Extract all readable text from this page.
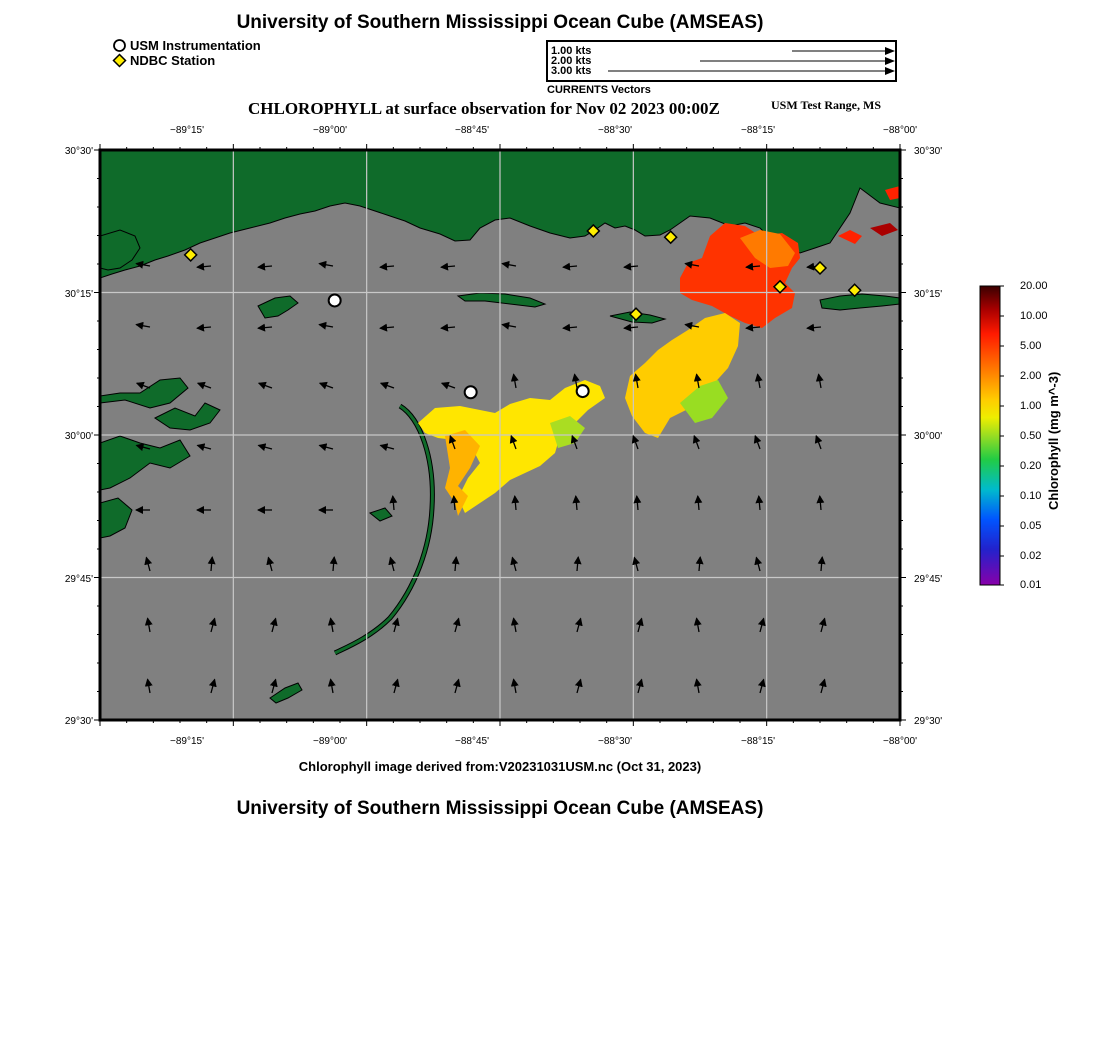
University of Southern Mississippi Ocean Cube (AMSEAS)
USM Instrumentation
NDBC Station
1.00 kts
2.00 kts
3.00 kts
CURRENTS Vectors
CHLOROPHYLL at surface observation for Nov 02 2023 00:00Z	USM Test Range, MS
−89°15'	−89°00'	−88°45'	−88°30'	−88°15'	−88°00'
−89°15'	−89°00'	−88°45'	−88°30'	−88°15'	−88°00'
30°30'
30°15'
30°00'
29°45'
29°30'
30°30'
30°15'
30°00'
29°45'
29°30'
Chlorophyll image derived from:V20231031USM.nc (Oct 31, 2023)
20.00
10.00
5.00
2.00
1.00
0.50
0.20
0.10
0.05
0.02
0.01
Chlorophyll (mg m^-3)
University of Southern Mississippi Ocean Cube (AMSEAS)
